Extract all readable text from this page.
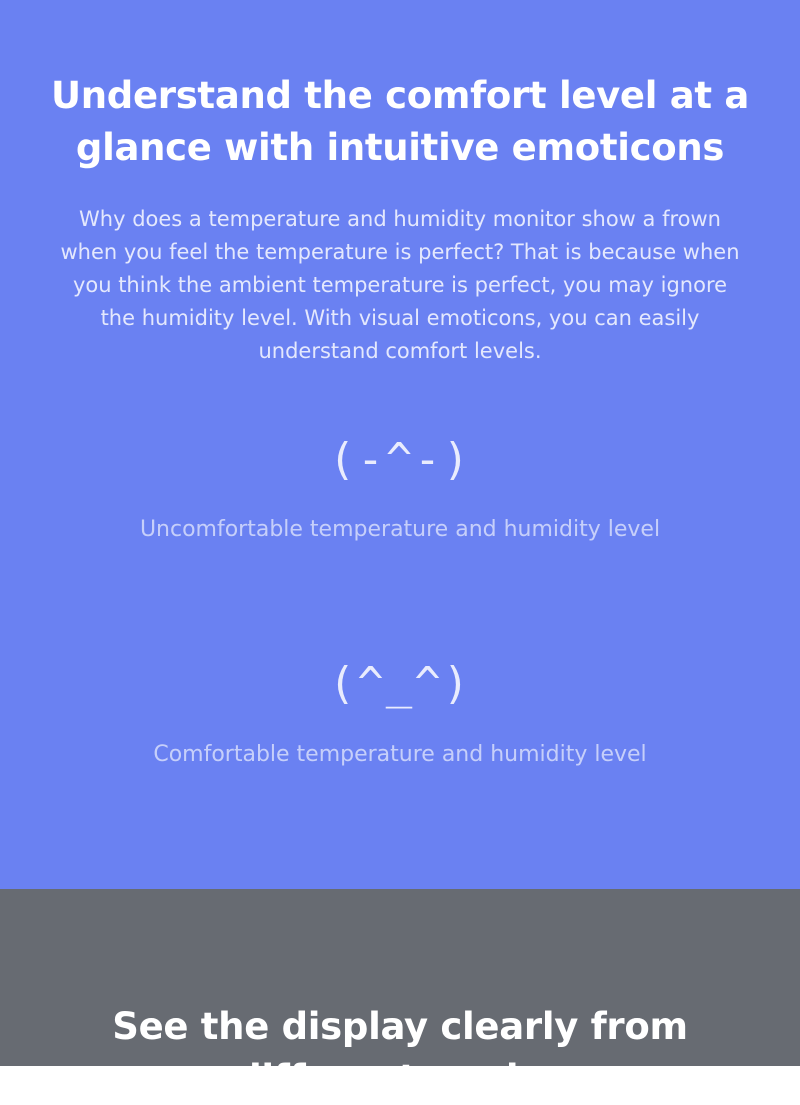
Understand the comfort level at a glance with intuitive emoticons

Why does a temperature and humidity monitor show a frown when you feel the temperature is perfect? That is because when you think the ambient temperature is perfect, you may ignore the humidity level. With visual emoticons, you can easily understand comfort levels.

(-^-)

Uncomfortable temperature and humidity level

(^_^)

Comfortable temperature and humidity level

See the display clearly from different angles
